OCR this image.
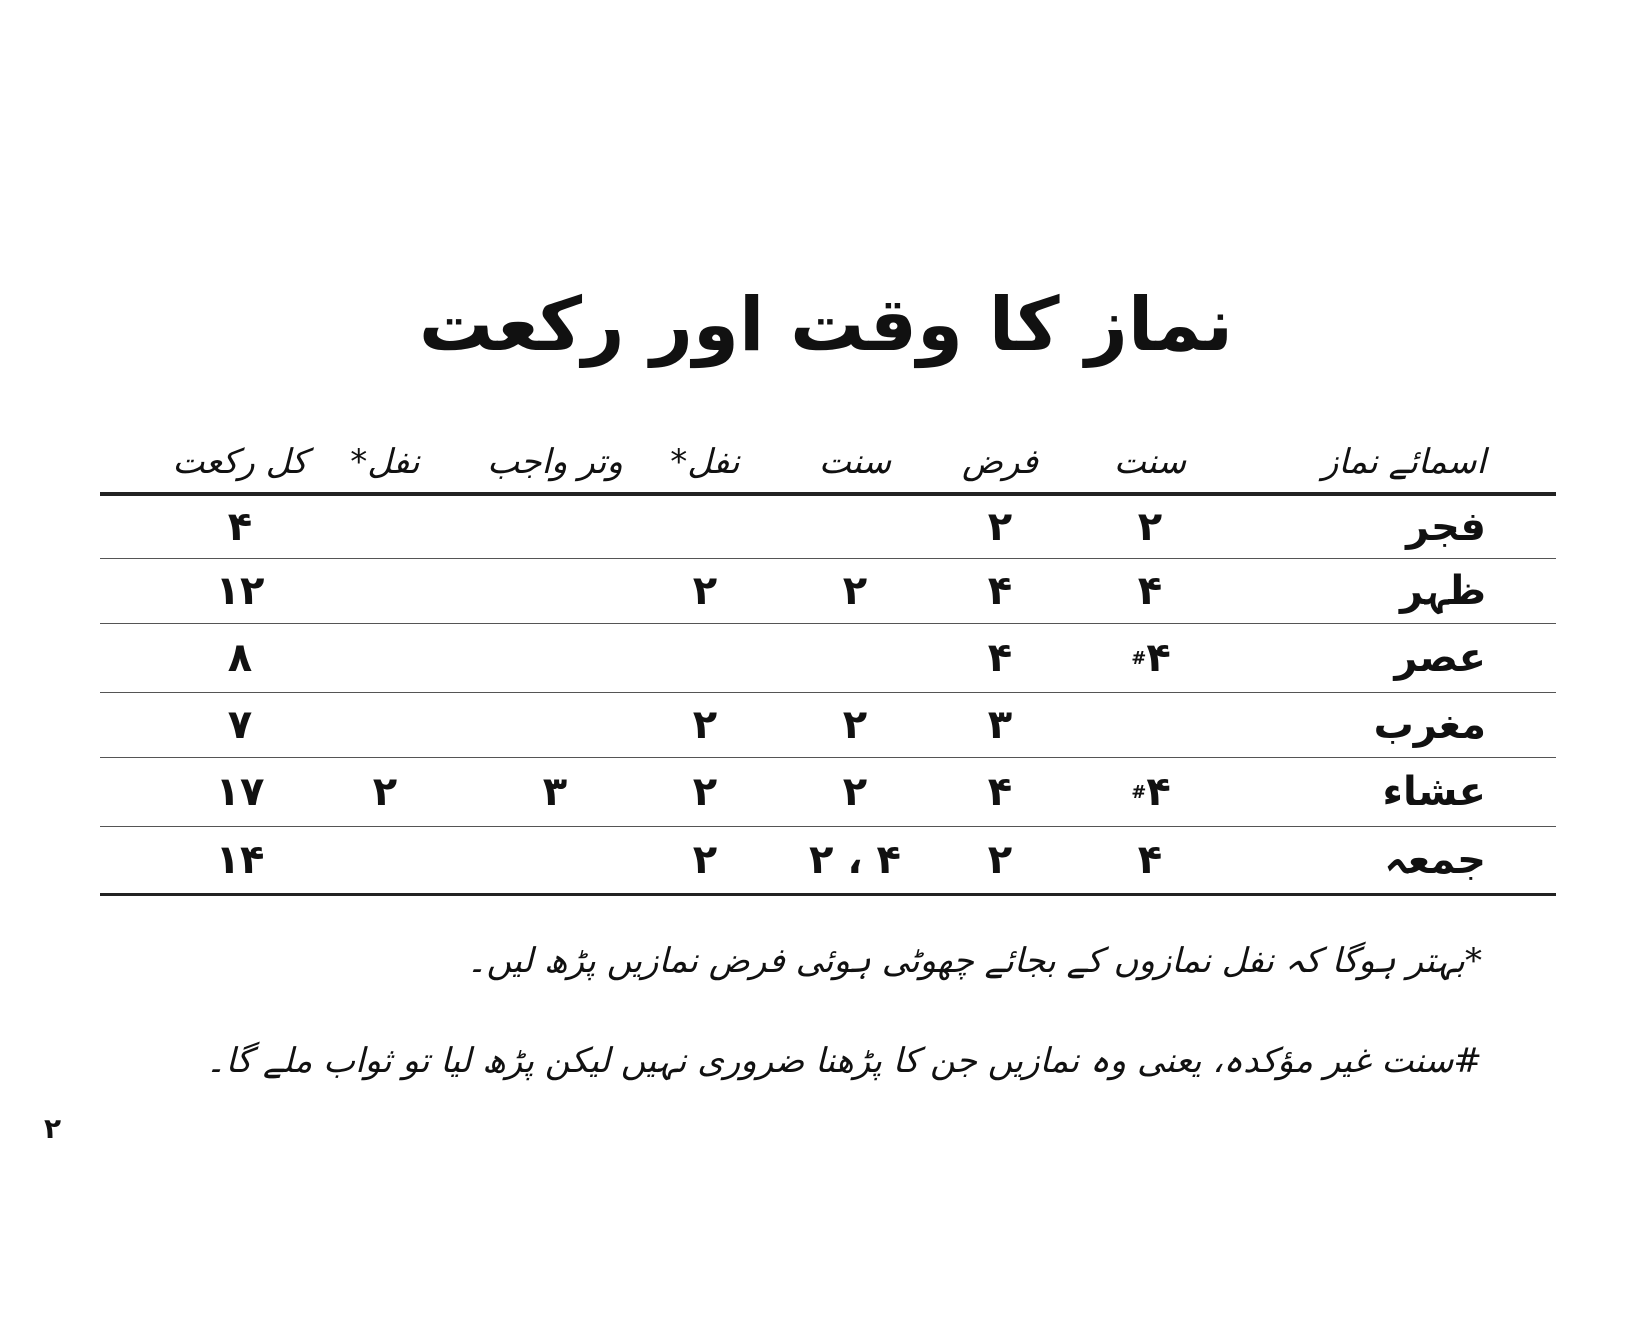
نماز کا وقت اور رکعت
اسمائے نماز
سنت
فرض
سنت
نفل*
وتر واجب
نفل*
کل رکعت
فجر
۲
۲
۴
ظہر
۴
۴
۲
۲
۱۲
عصر
۴
#
۴
۸
مغرب
۳
۲
۲
۷
عشاء
۴
#
۴
۲
۲
۳
۲
۱۷
جمعہ
۴
۲
۴ ، ۲
۲
۱۴
*بہتر ہوگا کہ نفل نمازوں کے بجائے چھوٹی ہوئی فرض نمازیں پڑھ لیں۔
#سنت غیر مؤکدہ، یعنی وہ نمازیں جن کا پڑھنا ضروری نہیں لیکن پڑھ لیا تو ثواب ملے گا۔
۲
